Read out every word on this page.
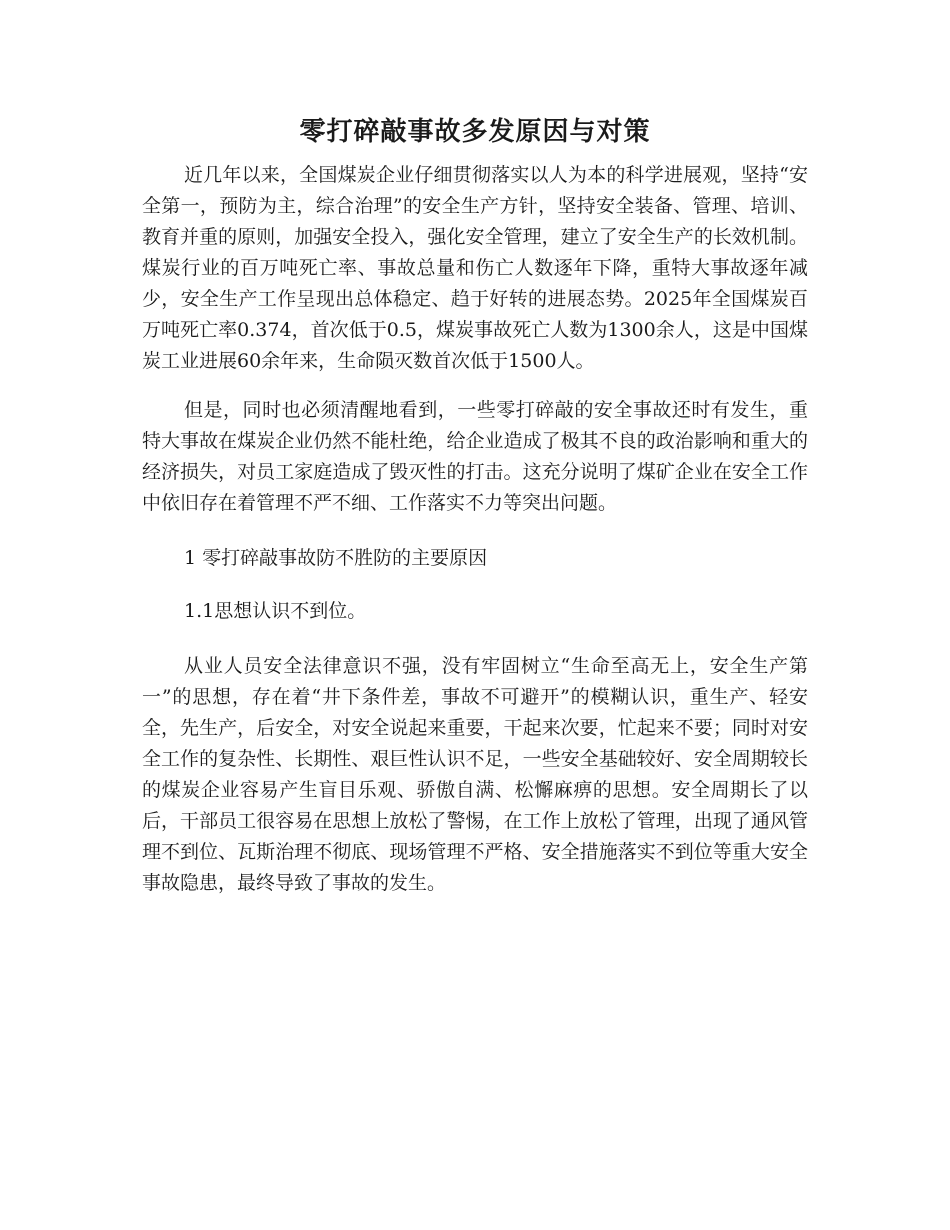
零打碎敲事故多发原因与对策

近几年以来，全国煤炭企业仔细贯彻落实以人为本的科学进展观，坚持“安全第一，预防为主，综合治理”的安全生产方针，坚持安全装备、管理、培训、教育并重的原则，加强安全投入，强化安全管理，建立了安全生产的长效机制。煤炭行业的百万吨死亡率、事故总量和伤亡人数逐年下降，重特大事故逐年减少，安全生产工作呈现出总体稳定、趋于好转的进展态势。2025年全国煤炭百万吨死亡率0.374，首次低于0.5，煤炭事故死亡人数为1300余人，这是中国煤炭工业进展60余年来，生命陨灭数首次低于1500人。

但是，同时也必须清醒地看到，一些零打碎敲的安全事故还时有发生，重特大事故在煤炭企业仍然不能杜绝，给企业造成了极其不良的政治影响和重大的经济损失，对员工家庭造成了毁灭性的打击。这充分说明了煤矿企业在安全工作中依旧存在着管理不严不细、工作落实不力等突出问题。

1 零打碎敲事故防不胜防的主要原因

1.1思想认识不到位。

从业人员安全法律意识不强，没有牢固树立“生命至高无上，安全生产第一”的思想，存在着“井下条件差，事故不可避开”的模糊认识，重生产、轻安全，先生产，后安全，对安全说起来重要，干起来次要，忙起来不要；同时对安全工作的复杂性、长期性、艰巨性认识不足，一些安全基础较好、安全周期较长的煤炭企业容易产生盲目乐观、骄傲自满、松懈麻痹的思想。安全周期长了以后，干部员工很容易在思想上放松了警惕，在工作上放松了管理，出现了通风管理不到位、瓦斯治理不彻底、现场管理不严格、安全措施落实不到位等重大安全事故隐患，最终导致了事故的发生。
